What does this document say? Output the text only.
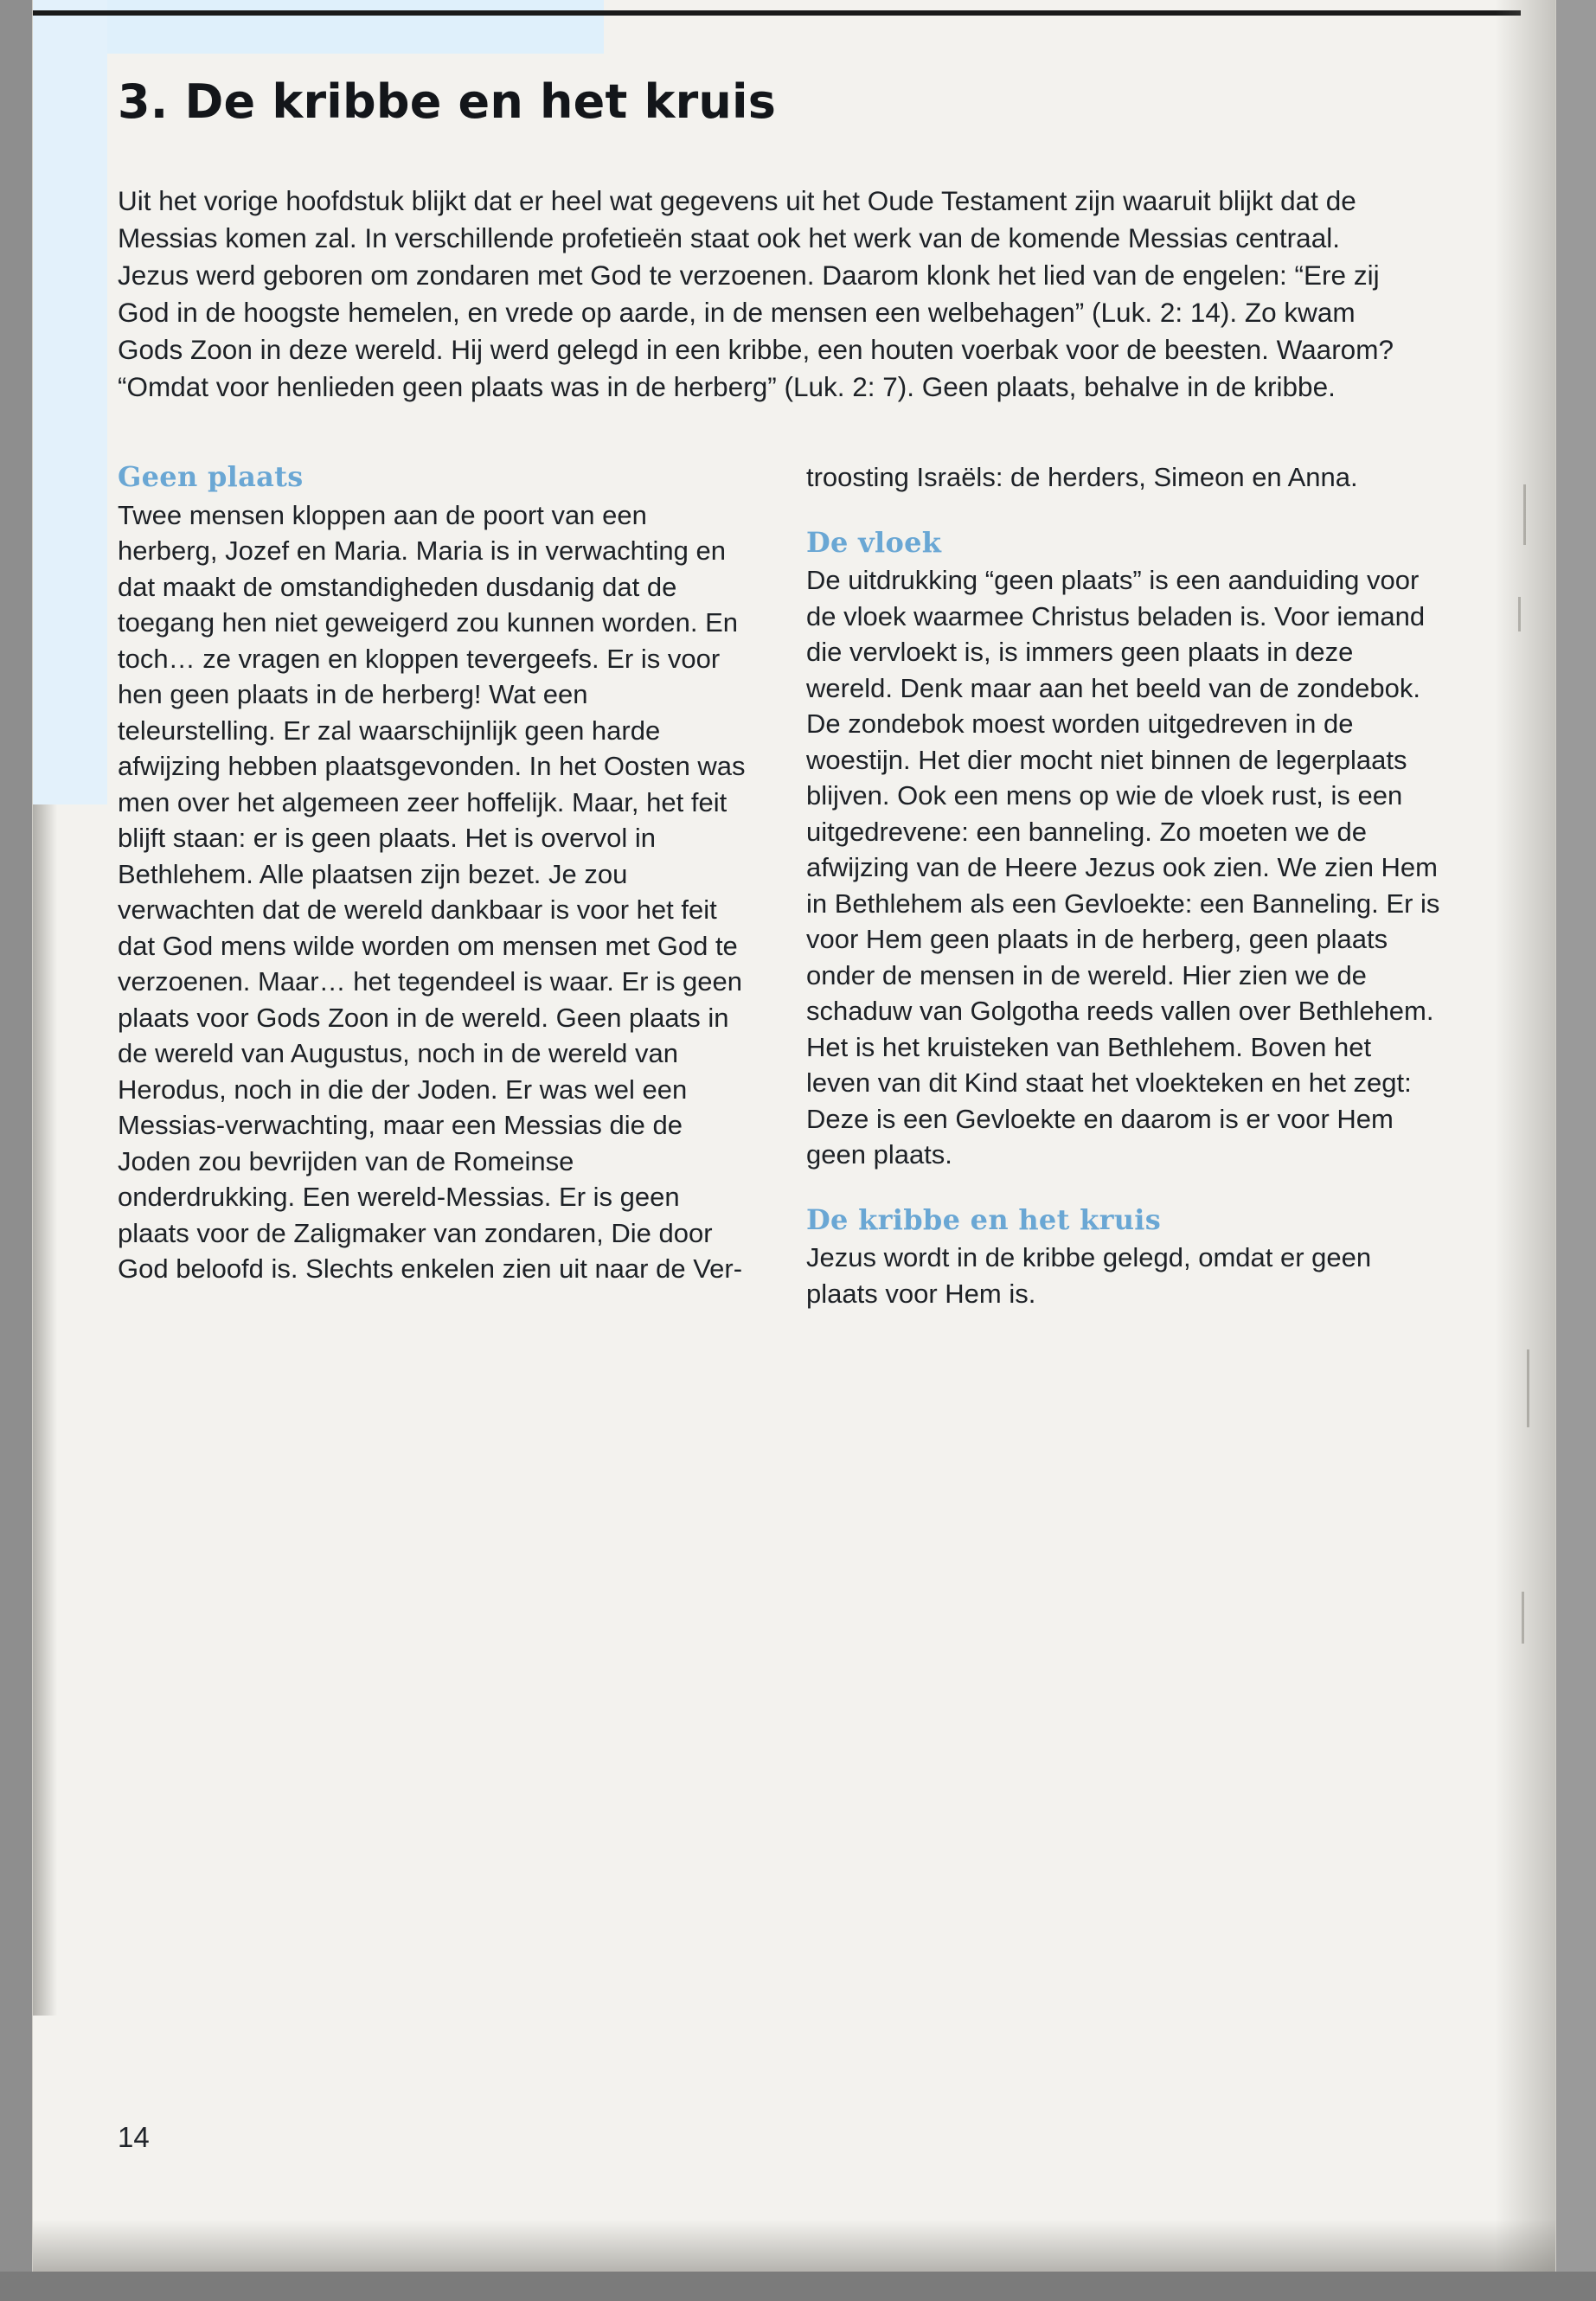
3. De kribbe en het kruis

Uit het vorige hoofdstuk blijkt dat er heel wat gegevens uit het Oude Testament zijn waaruit blijkt dat de Messias komen zal. In verschillende profetieën staat ook het werk van de komende Messias centraal. Jezus werd geboren om zondaren met God te verzoenen. Daarom klonk het lied van de engelen: “Ere zij God in de hoogste hemelen, en vrede op aarde, in de mensen een welbehagen” (Luk. 2: 14). Zo kwam Gods Zoon in deze wereld. Hij werd gelegd in een kribbe, een houten voerbak voor de beesten. Waarom? “Omdat voor henlieden geen plaats was in de herberg” (Luk. 2: 7). Geen plaats, behalve in de kribbe.

Geen plaats

Twee mensen kloppen aan de poort van een herberg, Jozef en Maria. Maria is in verwachting en dat maakt de omstandigheden dusdanig dat de toegang hen niet geweigerd zou kunnen worden. En toch… ze vragen en kloppen tevergeefs. Er is voor hen geen plaats in de herberg! Wat een teleurstelling. Er zal waarschijnlijk geen harde afwijzing hebben plaatsgevonden. In het Oosten was men over het algemeen zeer hoffelijk. Maar, het feit blijft staan: er is geen plaats. Het is overvol in Bethlehem. Alle plaatsen zijn bezet. Je zou verwachten dat de wereld dankbaar is voor het feit dat God mens wilde worden om mensen met God te verzoenen. Maar… het tegendeel is waar. Er is geen plaats voor Gods Zoon in de wereld. Geen plaats in de wereld van Augustus, noch in de wereld van Herodus, noch in die der Joden. Er was wel een Messias-verwachting, maar een Messias die de Joden zou bevrijden van de Romeinse onderdrukking. Een wereld-Messias. Er is geen plaats voor de Zaligmaker van zondaren, Die door God beloofd is. Slechts enkelen zien uit naar de Ver-

troosting Israëls: de herders, Simeon en Anna.

De vloek

De uitdrukking “geen plaats” is een aanduiding voor de vloek waarmee Christus beladen is. Voor iemand die vervloekt is, is immers geen plaats in deze wereld. Denk maar aan het beeld van de zondebok. De zondebok moest worden uitgedreven in de woestijn. Het dier mocht niet binnen de legerplaats blijven. Ook een mens op wie de vloek rust, is een uitgedrevene: een banneling. Zo moeten we de afwijzing van de Heere Jezus ook zien. We zien Hem in Bethlehem als een Gevloekte: een Banneling. Er is voor Hem geen plaats in de herberg, geen plaats onder de mensen in de wereld. Hier zien we de schaduw van Golgotha reeds vallen over Bethlehem. Het is het kruisteken van Bethlehem. Boven het leven van dit Kind staat het vloekteken en het zegt: Deze is een Gevloekte en daarom is er voor Hem geen plaats.

De kribbe en het kruis

Jezus wordt in de kribbe gelegd, omdat er geen plaats voor Hem is.

14
